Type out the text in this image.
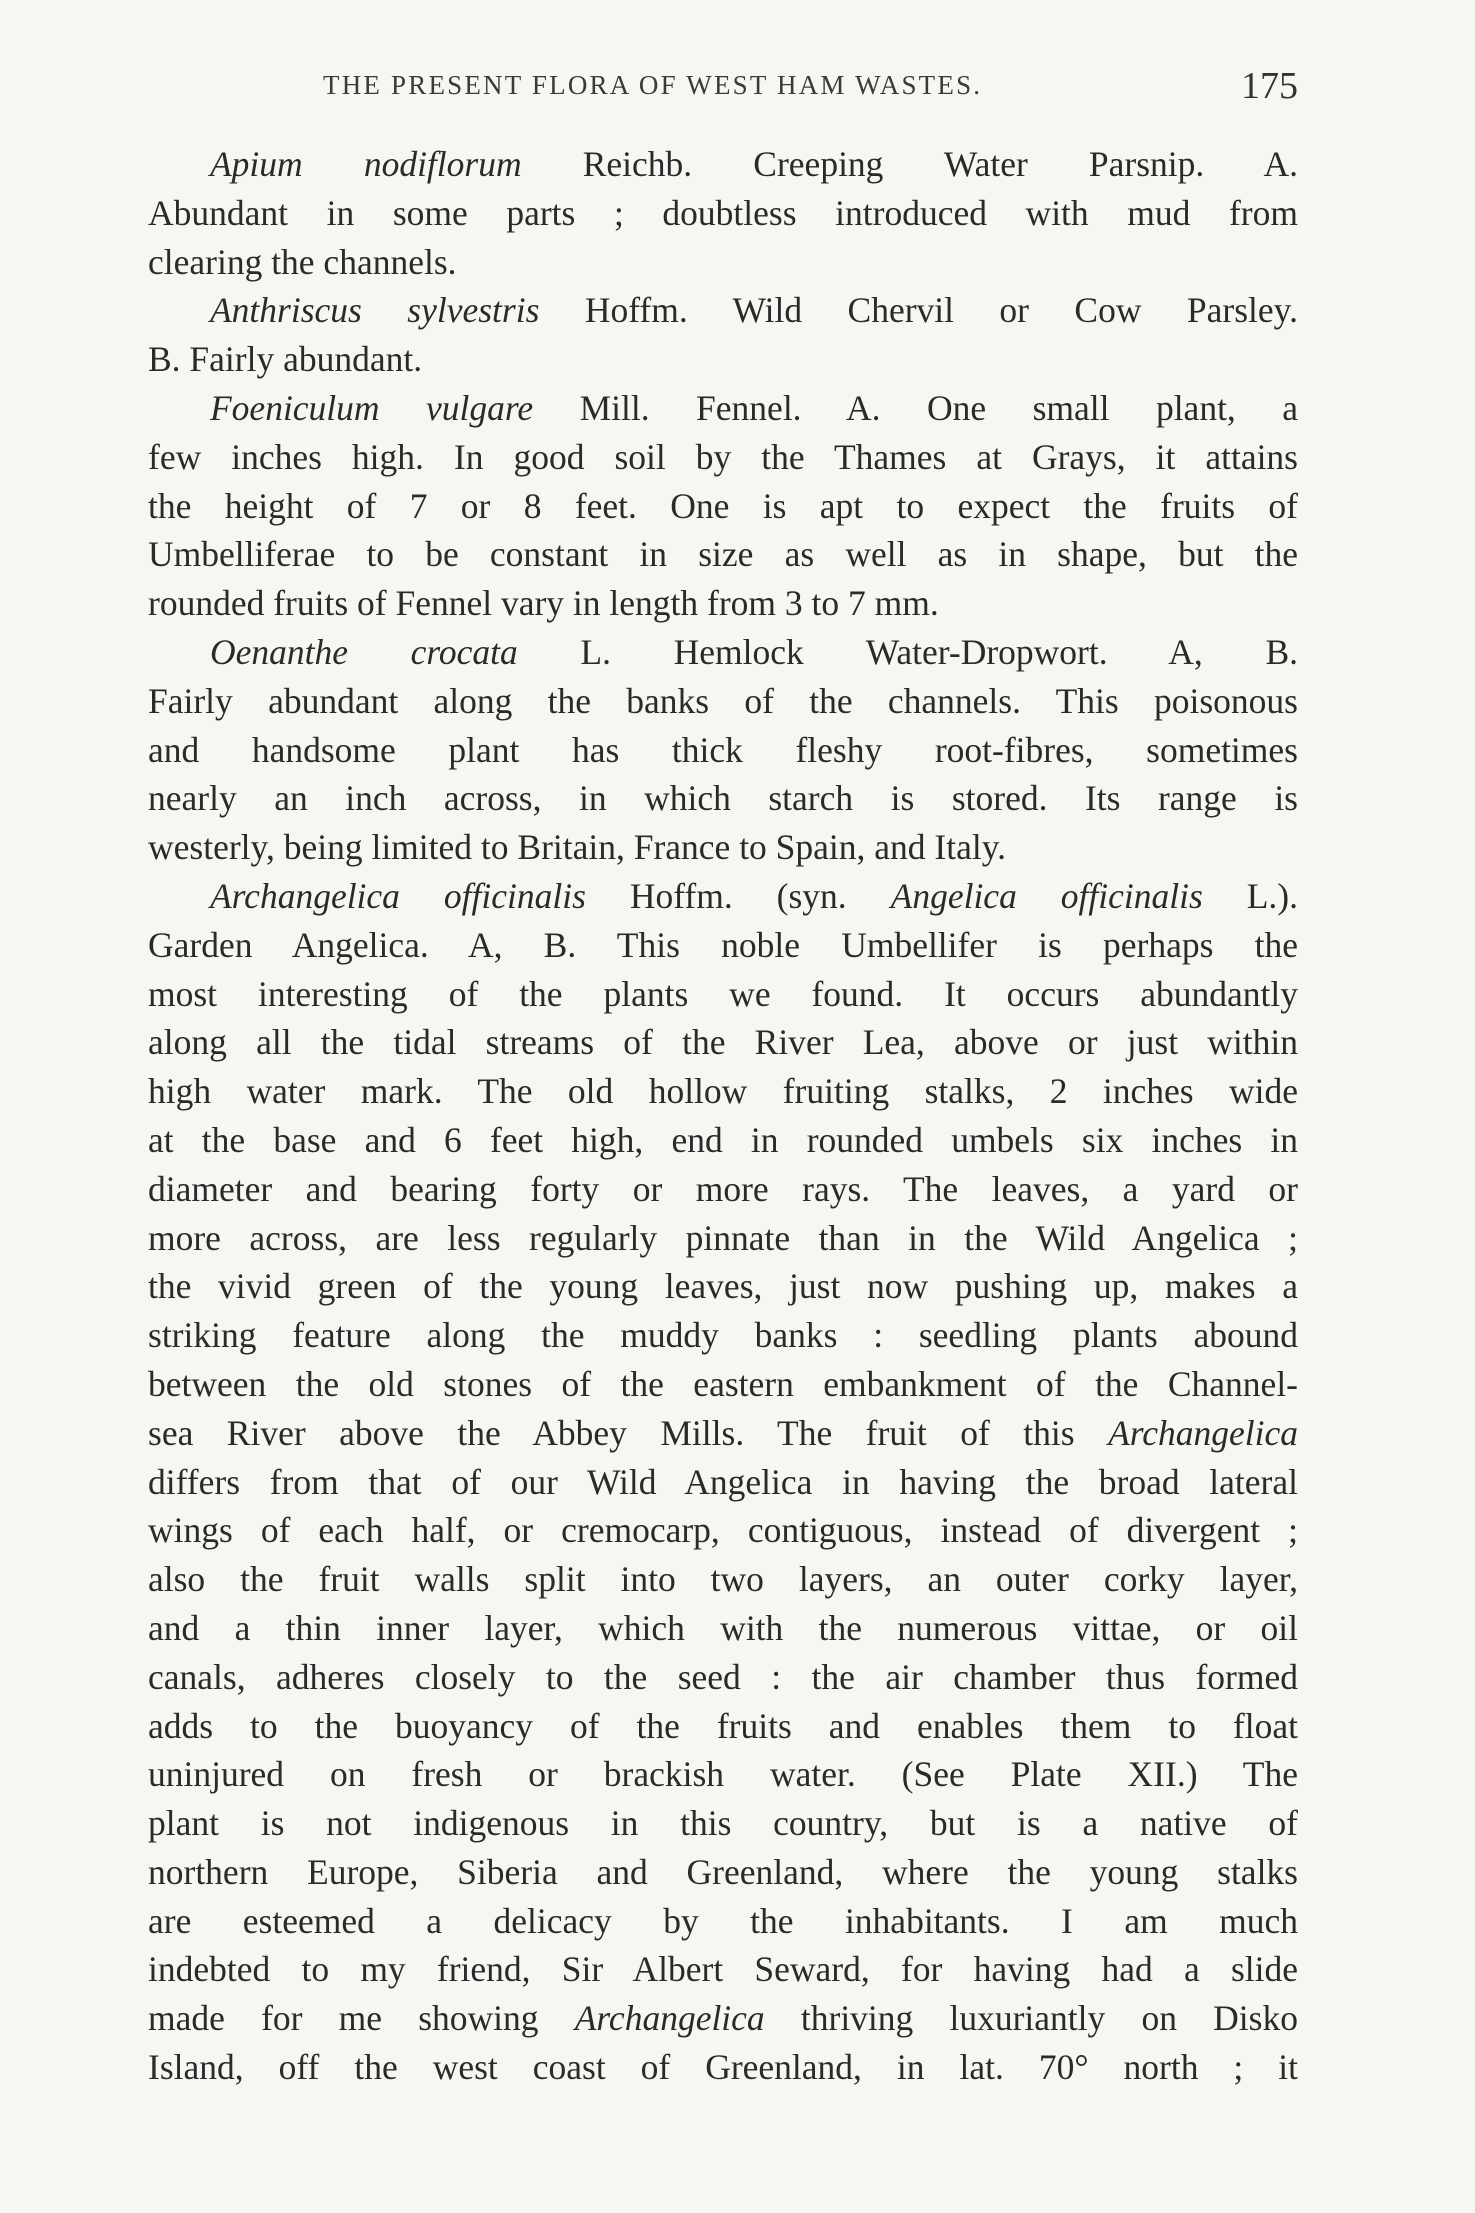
THE PRESENT FLORA OF WEST HAM WASTES.	175
Apium nodiflorum Reichb. Creeping Water Parsnip. A.
Abundant in some parts ; doubtless introduced with mud from
clearing the channels.
Anthriscus sylvestris Hoffm. Wild Chervil or Cow Parsley.
B. Fairly abundant.
Foeniculum vulgare Mill. Fennel. A. One small plant, a
few inches high. In good soil by the Thames at Grays, it attains
the height of 7 or 8 feet. One is apt to expect the fruits of
Umbelliferae to be constant in size as well as in shape, but the
rounded fruits of Fennel vary in length from 3 to 7 mm.
Oenanthe crocata L. Hemlock Water-Dropwort. A, B.
Fairly abundant along the banks of the channels. This poisonous
and handsome plant has thick fleshy root-fibres, sometimes
nearly an inch across, in which starch is stored. Its range is
westerly, being limited to Britain, France to Spain, and Italy.
Archangelica officinalis Hoffm. (syn. Angelica officinalis L.).
Garden Angelica. A, B. This noble Umbellifer is perhaps the
most interesting of the plants we found. It occurs abundantly
along all the tidal streams of the River Lea, above or just within
high water mark. The old hollow fruiting stalks, 2 inches wide
at the base and 6 feet high, end in rounded umbels six inches in
diameter and bearing forty or more rays. The leaves, a yard or
more across, are less regularly pinnate than in the Wild Angelica ;
the vivid green of the young leaves, just now pushing up, makes a
striking feature along the muddy banks : seedling plants abound
between the old stones of the eastern embankment of the Channel-
sea River above the Abbey Mills. The fruit of this Archangelica
differs from that of our Wild Angelica in having the broad lateral
wings of each half, or cremocarp, contiguous, instead of divergent ;
also the fruit walls split into two layers, an outer corky layer,
and a thin inner layer, which with the numerous vittae, or oil
canals, adheres closely to the seed : the air chamber thus formed
adds to the buoyancy of the fruits and enables them to float
uninjured on fresh or brackish water. (See Plate XII.) The
plant is not indigenous in this country, but is a native of
northern Europe, Siberia and Greenland, where the young stalks
are esteemed a delicacy by the inhabitants. I am much
indebted to my friend, Sir Albert Seward, for having had a slide
made for me showing Archangelica thriving luxuriantly on Disko
Island, off the west coast of Greenland, in lat. 70° north ; it
